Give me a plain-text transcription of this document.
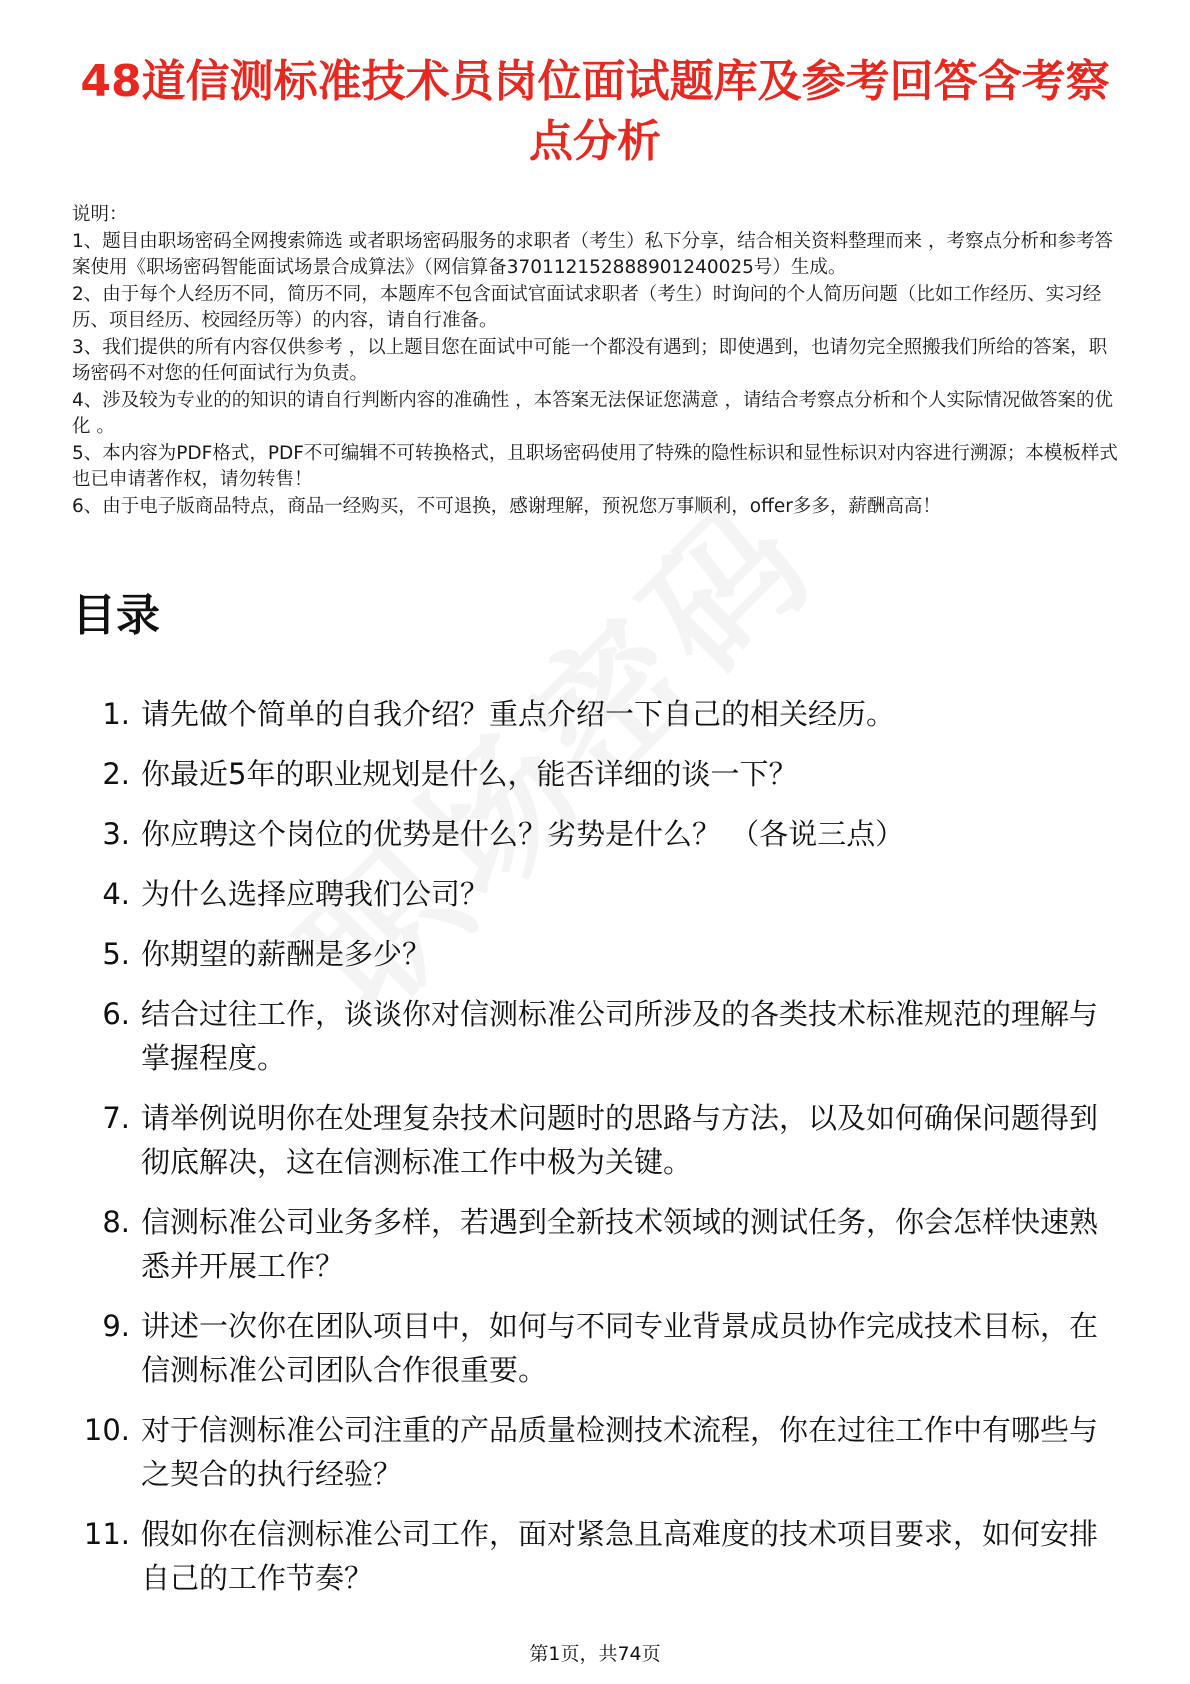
48道信测标准技术员岗位面试题库及参考回答含考察点分析

说明：

1、题目由职场密码全网搜索筛选 或者职场密码服务的求职者（考生）私下分享，结合相关资料整理而来 ，考察点分析和参考答案使用《职场密码智能面试场景合成算法》（网信算备370112152888901240025号）生成。

2、由于每个人经历不同，简历不同，本题库不包含面试官面试求职者（考生）时询问的个人简历问题（比如工作经历、实习经历、项目经历、校园经历等）的内容，请自行准备。

3、我们提供的所有内容仅供参考 ，以上题目您在面试中可能一个都没有遇到；即使遇到，也请勿完全照搬我们所给的答案，职场密码不对您的任何面试行为负责。

4、涉及较为专业的的知识的请自行判断内容的准确性 ，本答案无法保证您满意 ，请结合考察点分析和个人实际情况做答案的优化 。

5、本内容为PDF格式，PDF不可编辑不可转换格式，且职场密码使用了特殊的隐性标识和显性标识对内容进行溯源；本模板样式也已申请著作权，请勿转售！

6、由于电子版商品特点，商品一经购买，不可退换，感谢理解，预祝您万事顺利，offer多多，薪酬高高！

目录
1. 请先做个简单的自我介绍？重点介绍一下自己的相关经历。
2. 你最近5年的职业规划是什么，能否详细的谈一下？
3. 你应聘这个岗位的优势是什么？劣势是什么？ （各说三点）
4. 为什么选择应聘我们公司？
5. 你期望的薪酬是多少？
6. 结合过往工作，谈谈你对信测标准公司所涉及的各类技术标准规范的理解与掌握程度。
7. 请举例说明你在处理复杂技术问题时的思路与方法，以及如何确保问题得到彻底解决，这在信测标准工作中极为关键。
8. 信测标准公司业务多样，若遇到全新技术领域的测试任务，你会怎样快速熟悉并开展工作？
9. 讲述一次你在团队项目中，如何与不同专业背景成员协作完成技术目标，在信测标准公司团队合作很重要。
10. 对于信测标准公司注重的产品质量检测技术流程，你在过往工作中有哪些与之契合的执行经验？
11. 假如你在信测标准公司工作，面对紧急且高难度的技术项目要求，如何安排自己的工作节奏？
第1页，共74页
